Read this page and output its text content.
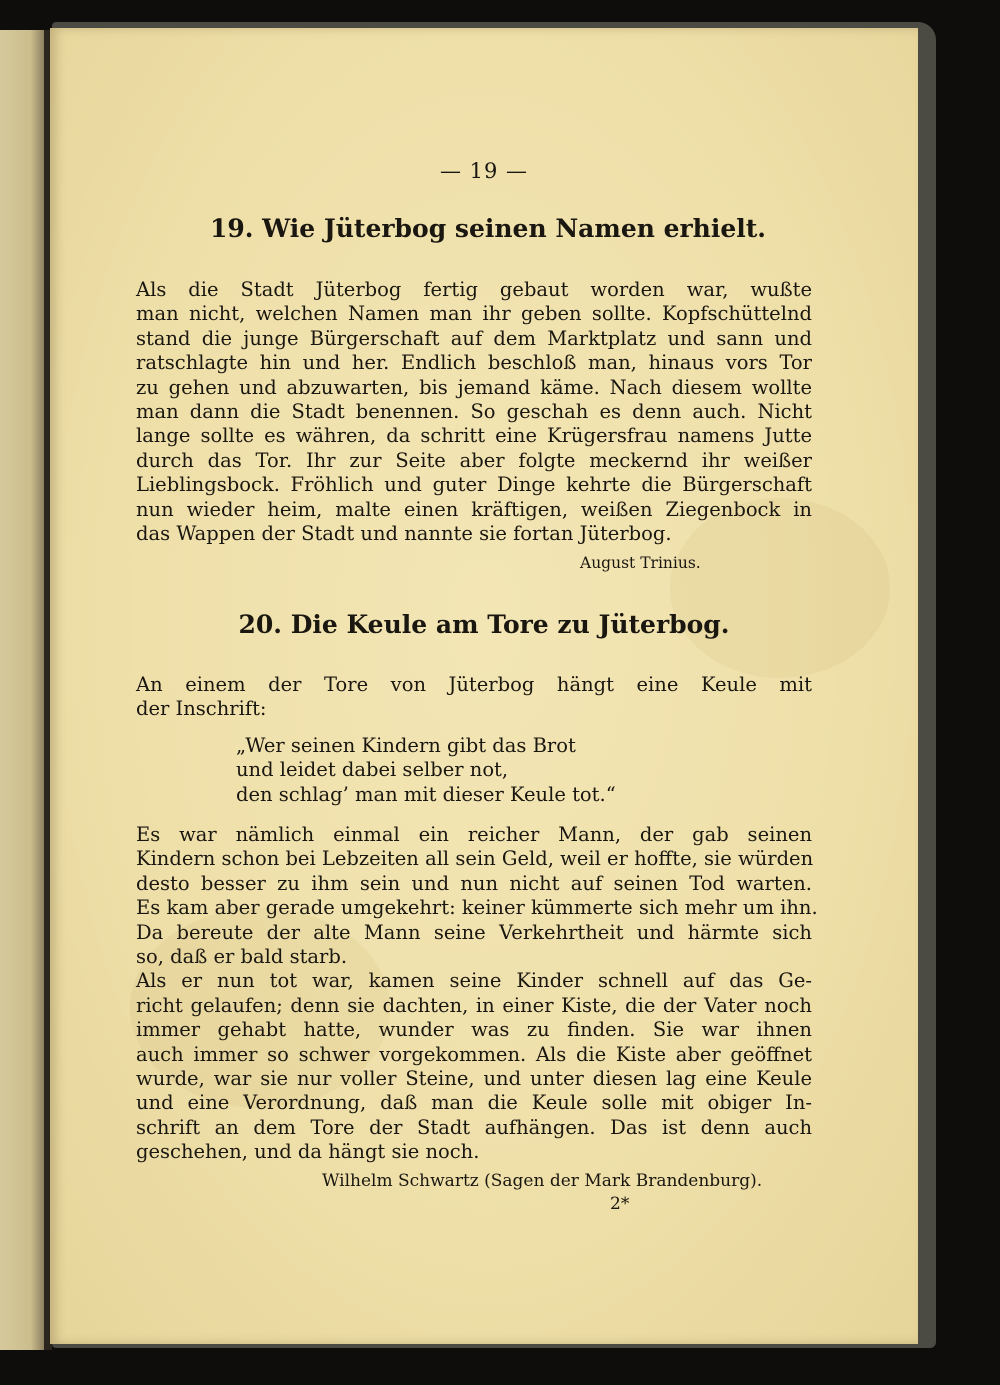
— 19 —
19. Wie Jüterbog seinen Namen erhielt.
Als die Stadt Jüterbog fertig gebaut worden war, wußte
man nicht, welchen Namen man ihr geben sollte. Kopfschüttelnd
stand die junge Bürgerschaft auf dem Marktplatz und sann und
ratschlagte hin und her. Endlich beschloß man, hinaus vors Tor
zu gehen und abzuwarten, bis jemand käme. Nach diesem wollte
man dann die Stadt benennen. So geschah es denn auch. Nicht
lange sollte es währen, da schritt eine Krügersfrau namens Jutte
durch das Tor. Ihr zur Seite aber folgte meckernd ihr weißer
Lieblingsbock. Fröhlich und guter Dinge kehrte die Bürgerschaft
nun wieder heim, malte einen kräftigen, weißen Ziegenbock in
das Wappen der Stadt und nannte sie fortan Jüterbog.
August Trinius.
20. Die Keule am Tore zu Jüterbog.
An einem der Tore von Jüterbog hängt eine Keule mit
der Inschrift:
„Wer seinen Kindern gibt das Brot
und leidet dabei selber not,
den schlag’ man mit dieser Keule tot.“
Es war nämlich einmal ein reicher Mann, der gab seinen
Kindern schon bei Lebzeiten all sein Geld, weil er hoffte, sie würden
desto besser zu ihm sein und nun nicht auf seinen Tod warten.
Es kam aber gerade umgekehrt: keiner kümmerte sich mehr um ihn.
Da bereute der alte Mann seine Verkehrtheit und härmte sich
so, daß er bald starb.
Als er nun tot war, kamen seine Kinder schnell auf das Ge-
richt gelaufen; denn sie dachten, in einer Kiste, die der Vater noch
immer gehabt hatte, wunder was zu finden. Sie war ihnen
auch immer so schwer vorgekommen. Als die Kiste aber geöffnet
wurde, war sie nur voller Steine, und unter diesen lag eine Keule
und eine Verordnung, daß man die Keule solle mit obiger In-
schrift an dem Tore der Stadt aufhängen. Das ist denn auch
geschehen, und da hängt sie noch.
Wilhelm Schwartz (Sagen der Mark Brandenburg).
2*
